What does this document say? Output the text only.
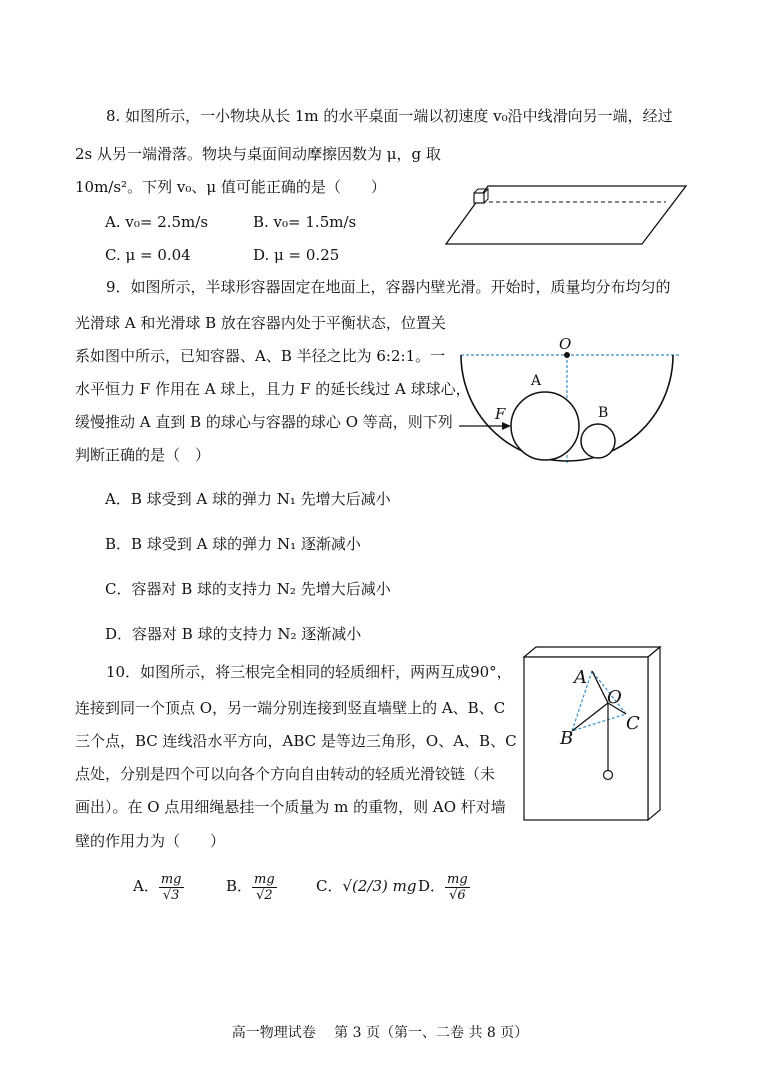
8. 如图所示，一小物块从长 1m 的水平桌面一端以初速度 v₀沿中线滑向另一端，经过
2s 从另一端滑落。物块与桌面间动摩擦因数为 μ，g 取
10m/s²。下列 v₀、μ 值可能正确的是（　　）
A. v₀= 2.5m/s	B. v₀= 1.5m/s
C. μ = 0.04	D. μ = 0.25
9．如图所示，半球形容器固定在地面上，容器内壁光滑。开始时，质量均分布均匀的
光滑球 A 和光滑球 B 放在容器内处于平衡状态，位置关
系如图中所示，已知容器、A、B 半径之比为 6:2:1。一
水平恒力 F 作用在 A 球上，且力 F 的延长线过 A 球球心，
缓慢推动 A 直到 B 的球心与容器的球心 O 等高，则下列
判断正确的是（　）
O
A
B
F
A．B 球受到 A 球的弹力 N₁ 先增大后减小
B．B 球受到 A 球的弹力 N₁ 逐渐减小
C．容器对 B 球的支持力 N₂ 先增大后减小
D．容器对 B 球的支持力 N₂ 逐渐减小
10．如图所示，将三根完全相同的轻质细杆，两两互成90°，
连接到同一个顶点 O，另一端分别连接到竖直墙壁上的 A、B、C
三个点，BC 连线沿水平方向，ABC 是等边三角形，O、A、B、C
点处，分别是四个可以向各个方向自由转动的轻质光滑铰链（未
画出）。在 O 点用细绳悬挂一个质量为 m 的重物，则 AO 杆对墙
壁的作用力为（　　）
A
B
C
O
A． $\frac{mg}{√3}$	B． $\frac{mg}{√2}$	C．√(2/3) mg D． $\frac{mg}{√6}$
高一物理试卷　 第 3 页（第一、二卷 共 8 页）
